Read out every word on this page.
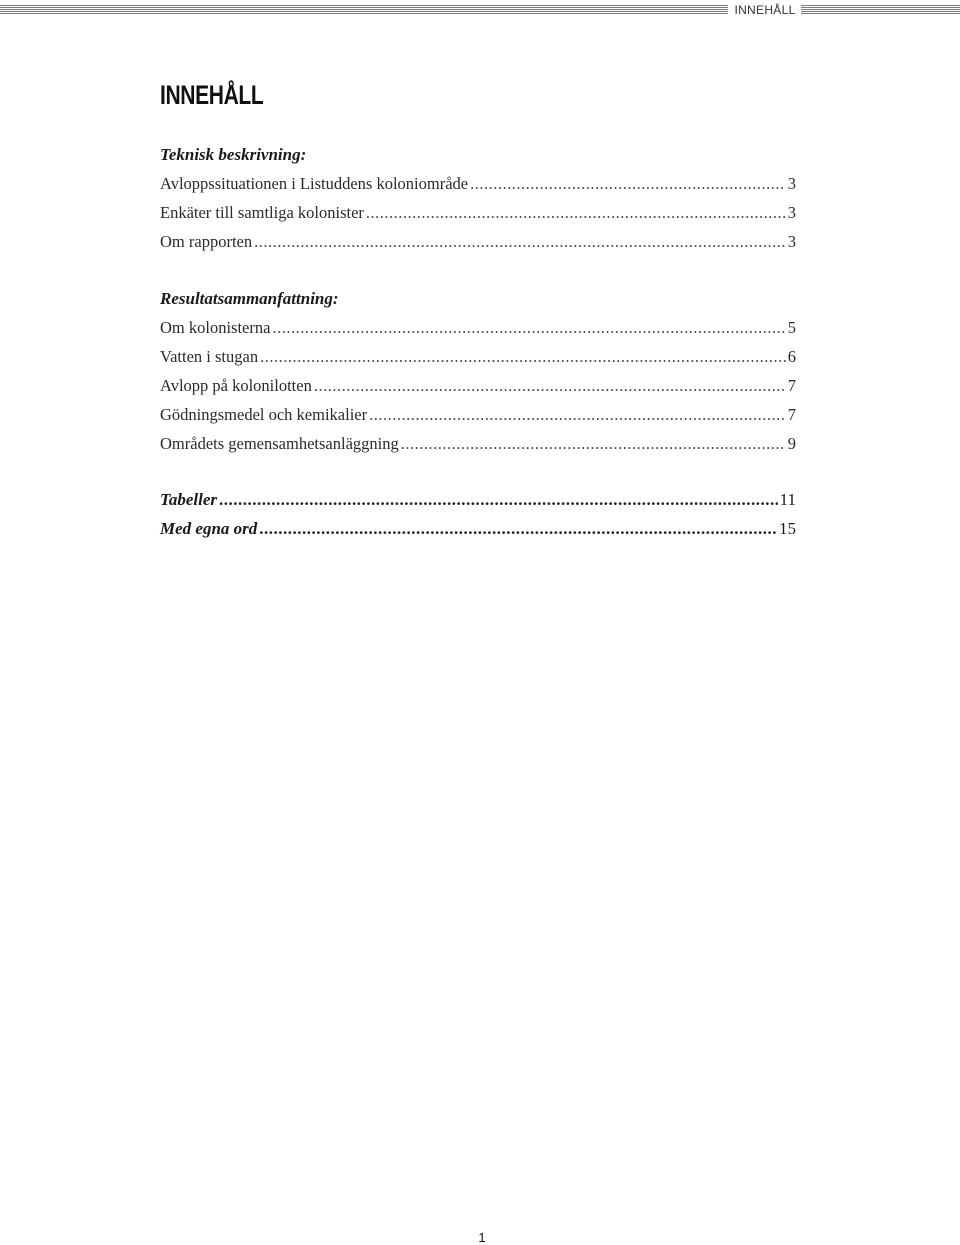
INNEHÅLL
INNEHÅLL
Teknisk beskrivning:
Avloppssituationen i Listuddens koloniområde .....	3
Enkäter till samtliga kolonister .....	3
Om rapporten .....	3
Resultatsammanfattning:
Om kolonisterna .....	5
Vatten i stugan .....	6
Avlopp på kolonilotten .....	7
Gödningsmedel och kemikalier .....	7
Områdets gemensamhetsanläggning .....	9
Tabeller .....	11
Med egna ord .....	15
1
